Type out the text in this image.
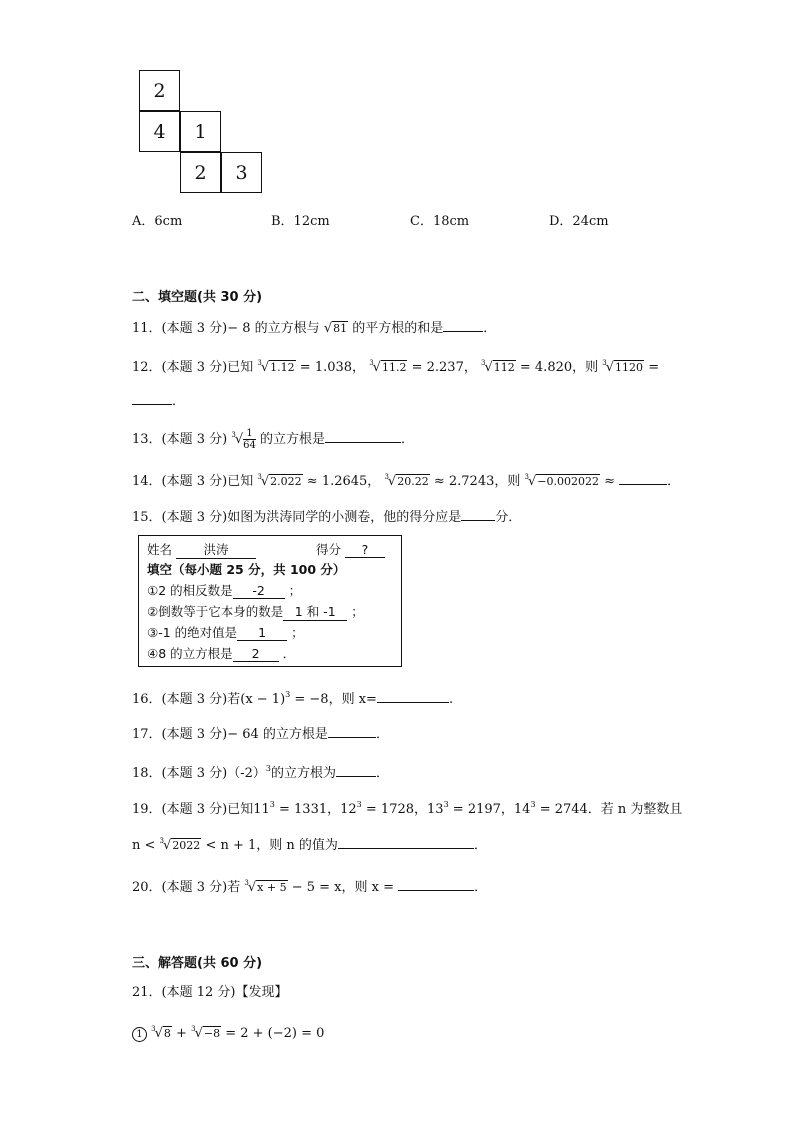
2
4	1
2	3
A．6cm	B．12cm	C．18cm	D．24cm
二、填空题(共 30 分)
11．(本题 3 分)− 8 的立方根与 √81 的平方根的和是	．
12．(本题 3 分)已知 $^3$√1.12 = 1.038， $^3$√11.2 = 2.237， $^3$√112 = 4.820，则 $^3$√1120 =
．
13．(本题 3 分) $^3√ \frac{1}{64}$ 的立方根是	．
14．(本题 3 分)已知 $^3$√2.022 ≈ 1.2645， $^3$√20.22 ≈ 2.7243，则 $^3$√−0.002022 ≈	．
15．(本题 3 分)如图为洪涛同学的小测卷，他的得分应是	分．
姓名	洪涛	得分 ?
填空（每小题 25 分，共 100 分）
①2 的相反数是 -2 ；
②倒数等于它本身的数是 1 和 -1 ；
③-1 的绝对值是 1 ；
④8 的立方根是 2 ．
16．(本题 3 分)若$(x - 1)^3 = -8$，则 x=	.
17．(本题 3 分)− 64 的立方根是	．
18．(本题 3 分)$(-2)^3$的立方根为	．
19．(本题 3 分)已知$11^3 = 1331$，$12^3 = 1728$，$13^3 = 2197$，$14^3 = 2744$．若 n 为整数且
n < $^3$√2022 < n + 1，则 n 的值为	．
20．(本题 3 分)若 $^3$√x + 5 − 5 = x，则 x =	．
三、解答题(共 60 分)
21．(本题 12 分)【发现】
1 $^3$√8 + $^3$√−8 = 2 + (−2) = 0
